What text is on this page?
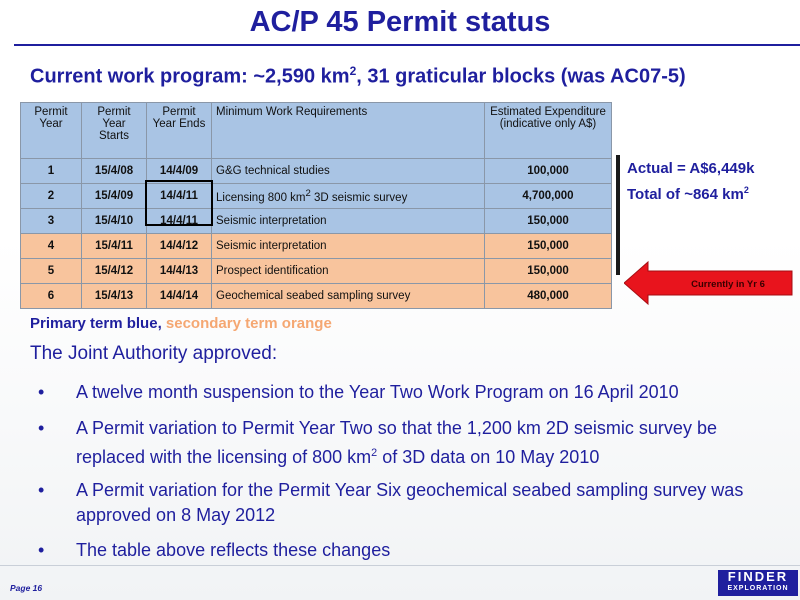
AC/P 45 Permit status
Current work program: ~2,590 $km^2$, 31 graticular blocks (was AC07-5)
Permit Year	Permit Year Starts	Permit Year Ends	Minimum Work Requirements	Estimated Expenditure (indicative only A$)
1	15/4/08	14/4/09	G&G technical studies	100,000
2	15/4/09	14/4/11	Licensing 800 $km^2$ 3D seismic survey	4,700,000
3	15/4/10	14/4/11	Seismic interpretation	150,000
4	15/4/11	14/4/12	Seismic interpretation	150,000
5	15/4/12	14/4/13	Prospect identification	150,000
6	15/4/13	14/4/14	Geochemical seabed sampling survey	480,000
Actual = A$6,449k
Total of ~864 $km^2$
Currently in Yr 6
Primary term blue, secondary term orange
The Joint Authority approved:
• A twelve month suspension to the Year Two Work Program on 16 April 2010
• A Permit variation to Permit Year Two so that the 1,200 km 2D seismic survey be replaced with the licensing of 800 $km^2$ of 3D data on 10 May 2010
• A Permit variation for the Permit Year Six geochemical seabed sampling survey was approved on 8 May 2012
• The table above reflects these changes
Page 16
FINDER
EXPLORATION
